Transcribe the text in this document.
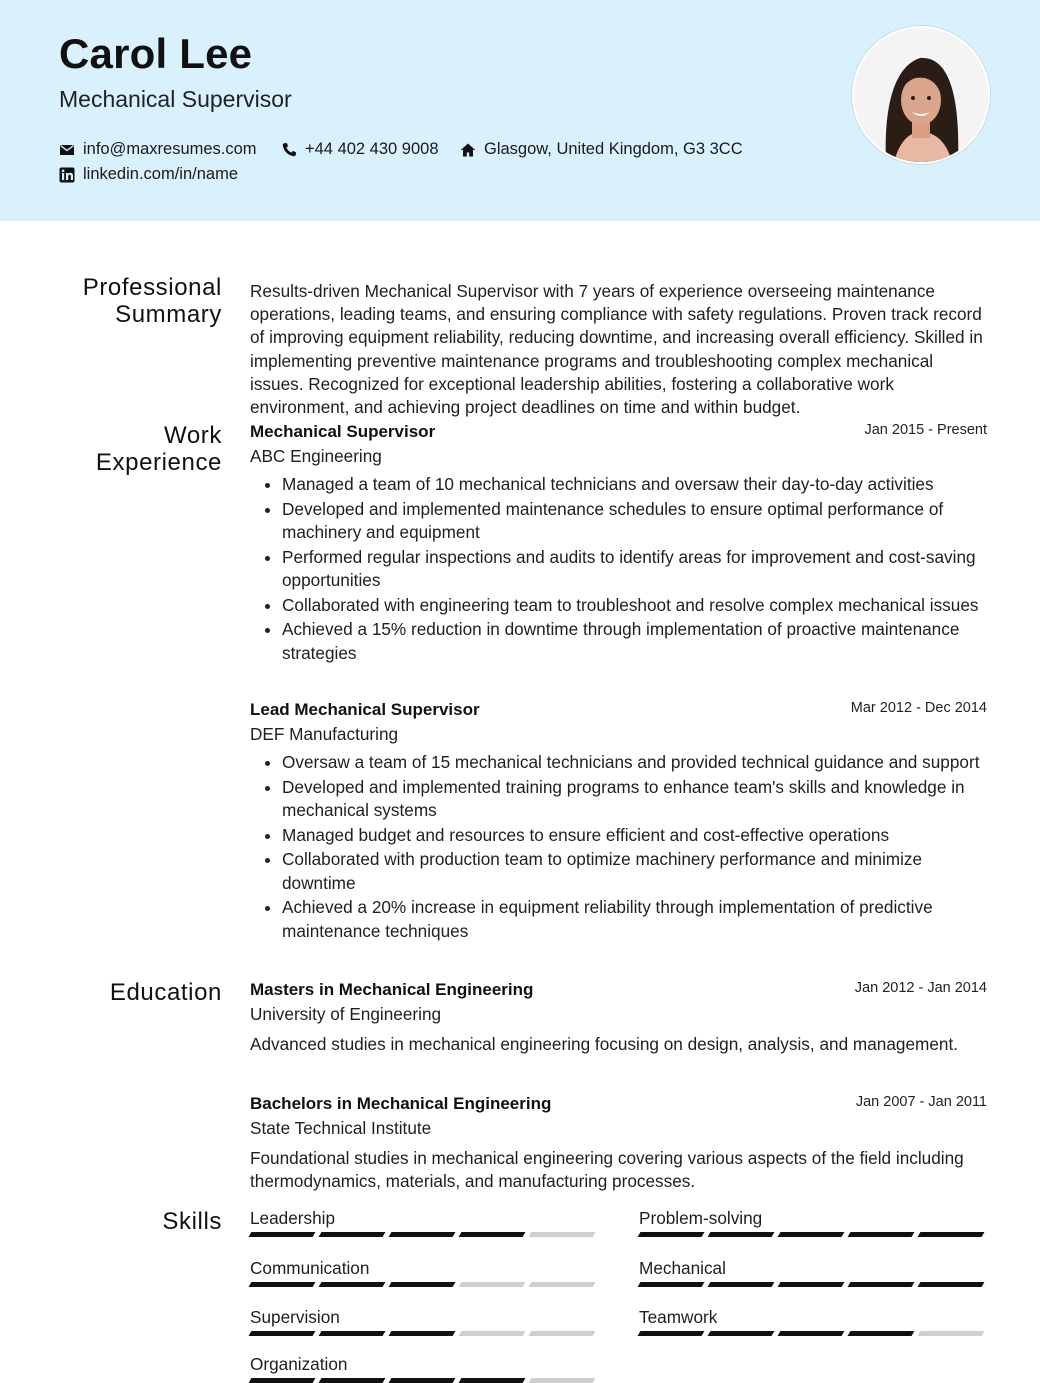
Carol Lee
Mechanical Supervisor
info@maxresumes.com	+44 402 430 9008	Glasgow, United Kingdom, G3 3CC
linkedin.com/in/name
Professional
Summary

Results-driven Mechanical Supervisor with 7 years of experience overseeing maintenance operations, leading teams, and ensuring compliance with safety regulations. Proven track record of improving equipment reliability, reducing downtime, and increasing overall efficiency. Skilled in implementing preventive maintenance programs and troubleshooting complex mechanical issues. Recognized for exceptional leadership abilities, fostering a collaborative work environment, and achieving project deadlines on time and within budget.

Work
Experience
Mechanical Supervisor	Jan 2015 - Present
ABC Engineering
• Managed a team of 10 mechanical technicians and oversaw their day-to-day activities
• Developed and implemented maintenance schedules to ensure optimal performance of machinery and equipment
• Performed regular inspections and audits to identify areas for improvement and cost-saving opportunities
• Collaborated with engineering team to troubleshoot and resolve complex mechanical issues
• Achieved a 15% reduction in downtime through implementation of proactive maintenance strategies
Lead Mechanical Supervisor	Mar 2012 - Dec 2014
DEF Manufacturing
• Oversaw a team of 15 mechanical technicians and provided technical guidance and support
• Developed and implemented training programs to enhance team's skills and knowledge in mechanical systems
• Managed budget and resources to ensure efficient and cost-effective operations
• Collaborated with production team to optimize machinery performance and minimize downtime
• Achieved a 20% increase in equipment reliability through implementation of predictive maintenance techniques
Education Masters in Mechanical Engineering	Jan 2012 - Jan 2014
University of Engineering

Advanced studies in mechanical engineering focusing on design, analysis, and management.

Bachelors in Mechanical Engineering	Jan 2007 - Jan 2011
State Technical Institute

Foundational studies in mechanical engineering covering various aspects of the field including thermodynamics, materials, and manufacturing processes.

Skills Leadership	Problem-solving
Communication	Mechanical
Supervision	Teamwork
Organization
